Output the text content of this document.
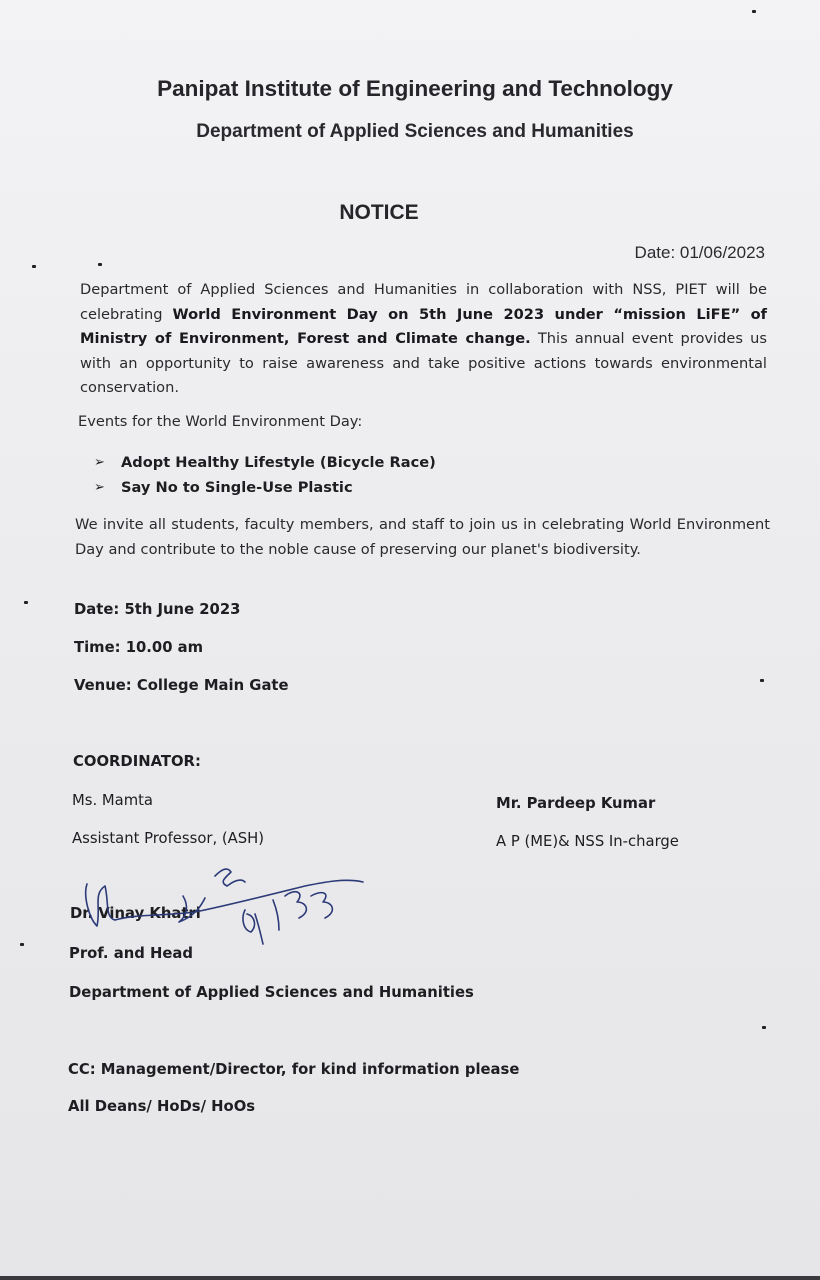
Panipat Institute of Engineering and Technology
Department of Applied Sciences and Humanities
NOTICE
Date: 01/06/2023
Department of Applied Sciences and Humanities in collaboration with NSS, PIET will be celebrating World Environment Day on 5th June 2023 under “mission LiFE” of Ministry of Environment, Forest and Climate change. This annual event provides us with an opportunity to raise awareness and take positive actions towards environmental conservation.
Events for the World Environment Day:
➢	Adopt Healthy Lifestyle (Bicycle Race)
➢	Say No to Single-Use Plastic
We invite all students, faculty members, and staff to join us in celebrating World Environment Day and contribute to the noble cause of preserving our planet's biodiversity.
Date: 5th June 2023
Time: 10.00 am
Venue: College Main Gate
COORDINATOR:
Ms. Mamta
Assistant Professor, (ASH)
Mr. Pardeep Kumar
A P (ME)& NSS In-charge
Dr. Vinay Khatri
Prof. and Head
Department of Applied Sciences and Humanities
CC: Management/Director, for kind information please
All Deans/ HoDs/ HoOs
